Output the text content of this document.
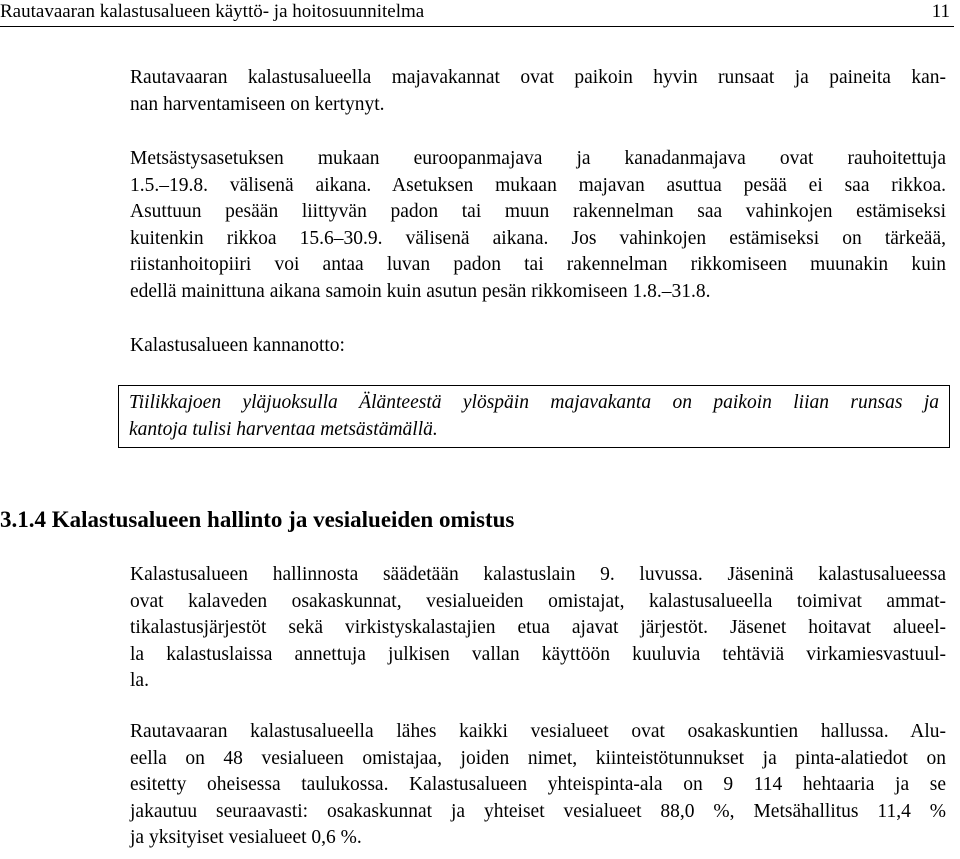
Rautavaaran kalastusalueen käyttö- ja hoitosuunnitelma	11
Rautavaaran kalastusalueella majavakannat ovat paikoin hyvin runsaat ja paineita kan-
nan harventamiseen on kertynyt.
Metsästysasetuksen mukaan euroopanmajava ja kanadanmajava ovat rauhoitettuja
1.5.–19.8. välisenä aikana. Asetuksen mukaan majavan asuttua pesää ei saa rikkoa.
Asuttuun pesään liittyvän padon tai muun rakennelman saa vahinkojen estämiseksi
kuitenkin rikkoa 15.6–30.9. välisenä aikana. Jos vahinkojen estämiseksi on tärkeää,
riistanhoitopiiri voi antaa luvan padon tai rakennelman rikkomiseen muunakin kuin
edellä mainittuna aikana samoin kuin asutun pesän rikkomiseen 1.8.–31.8.
Kalastusalueen kannanotto:
Tiilikkajoen yläjuoksulla Älänteestä ylöspäin majavakanta on paikoin liian runsas ja
kantoja tulisi harventaa metsästämällä.
3.1.4 Kalastusalueen hallinto ja vesialueiden omistus
Kalastusalueen hallinnosta säädetään kalastuslain 9. luvussa. Jäseninä kalastusalueessa
ovat kalaveden osakaskunnat, vesialueiden omistajat, kalastusalueella toimivat ammat-
tikalastusjärjestöt sekä virkistyskalastajien etua ajavat järjestöt. Jäsenet hoitavat alueel-
la kalastuslaissa annettuja julkisen vallan käyttöön kuuluvia tehtäviä virkamiesvastuul-
la.
Rautavaaran kalastusalueella lähes kaikki vesialueet ovat osakaskuntien hallussa. Alu-
eella on 48 vesialueen omistajaa, joiden nimet, kiinteistötunnukset ja pinta-alatiedot on
esitetty oheisessa taulukossa. Kalastusalueen yhteispinta-ala on 9 114 hehtaaria ja se
jakautuu seuraavasti: osakaskunnat ja yhteiset vesialueet 88,0 %, Metsähallitus 11,4 %
ja yksityiset vesialueet 0,6 %.
